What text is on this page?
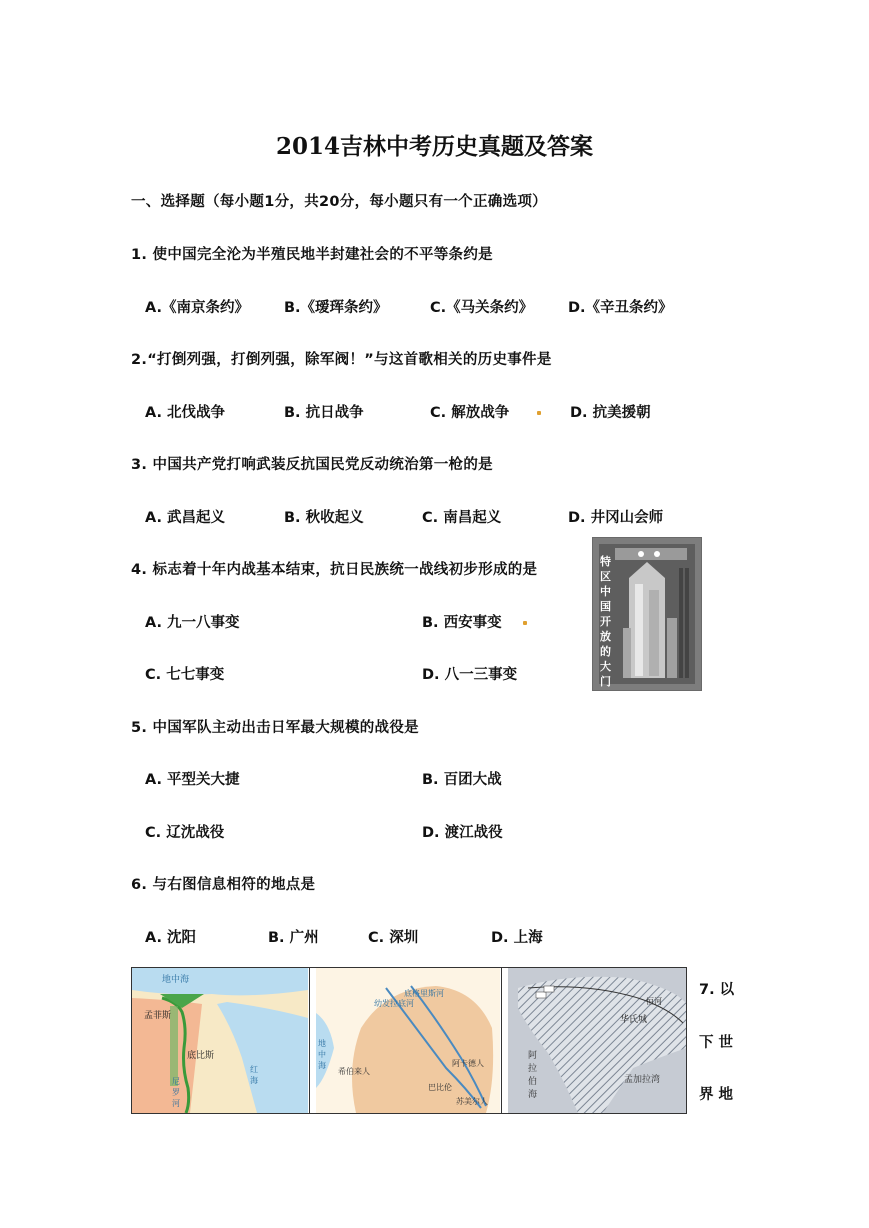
2014吉林中考历史真题及答案
一、选择题（每小题1分，共20分，每小题只有一个正确选项）
1. 使中国完全沦为半殖民地半封建社会的不平等条约是
A.《南京条约》 B.《瑷珲条约》	C.《马关条约》 D.《辛丑条约》
2.“打倒列强，打倒列强，除军阀！”与这首歌相关的历史事件是
A. 北伐战争	B. 抗日战争	C. 解放战争	D. 抗美援朝
3. 中国共产党打响武装反抗国民党反动统治第一枪的是
A. 武昌起义	B. 秋收起义	C. 南昌起义	D. 井冈山会师
4. 标志着十年内战基本结束，抗日民族统一战线初步形成的是
A. 九一八事变	B. 西安事变
C. 七七事变	D. 八一三事变
特区中国开放的大门
5. 中国军队主动出击日军最大规模的战役是
A. 平型关大捷	B. 百团大战
C. 辽沈战役	D. 渡江战役
6. 与右图信息相符的地点是
A. 沈阳	B. 广州	C. 深圳	D. 上海
地中海
孟菲斯
底比斯
尼罗河
红海
幼发拉底河
底格里斯河
阿卡德人
苏美尔人
巴比伦
希伯来人
地中海
华氏城
恒河
阿拉伯海
孟加拉湾
7. 以
下 世
界 地
